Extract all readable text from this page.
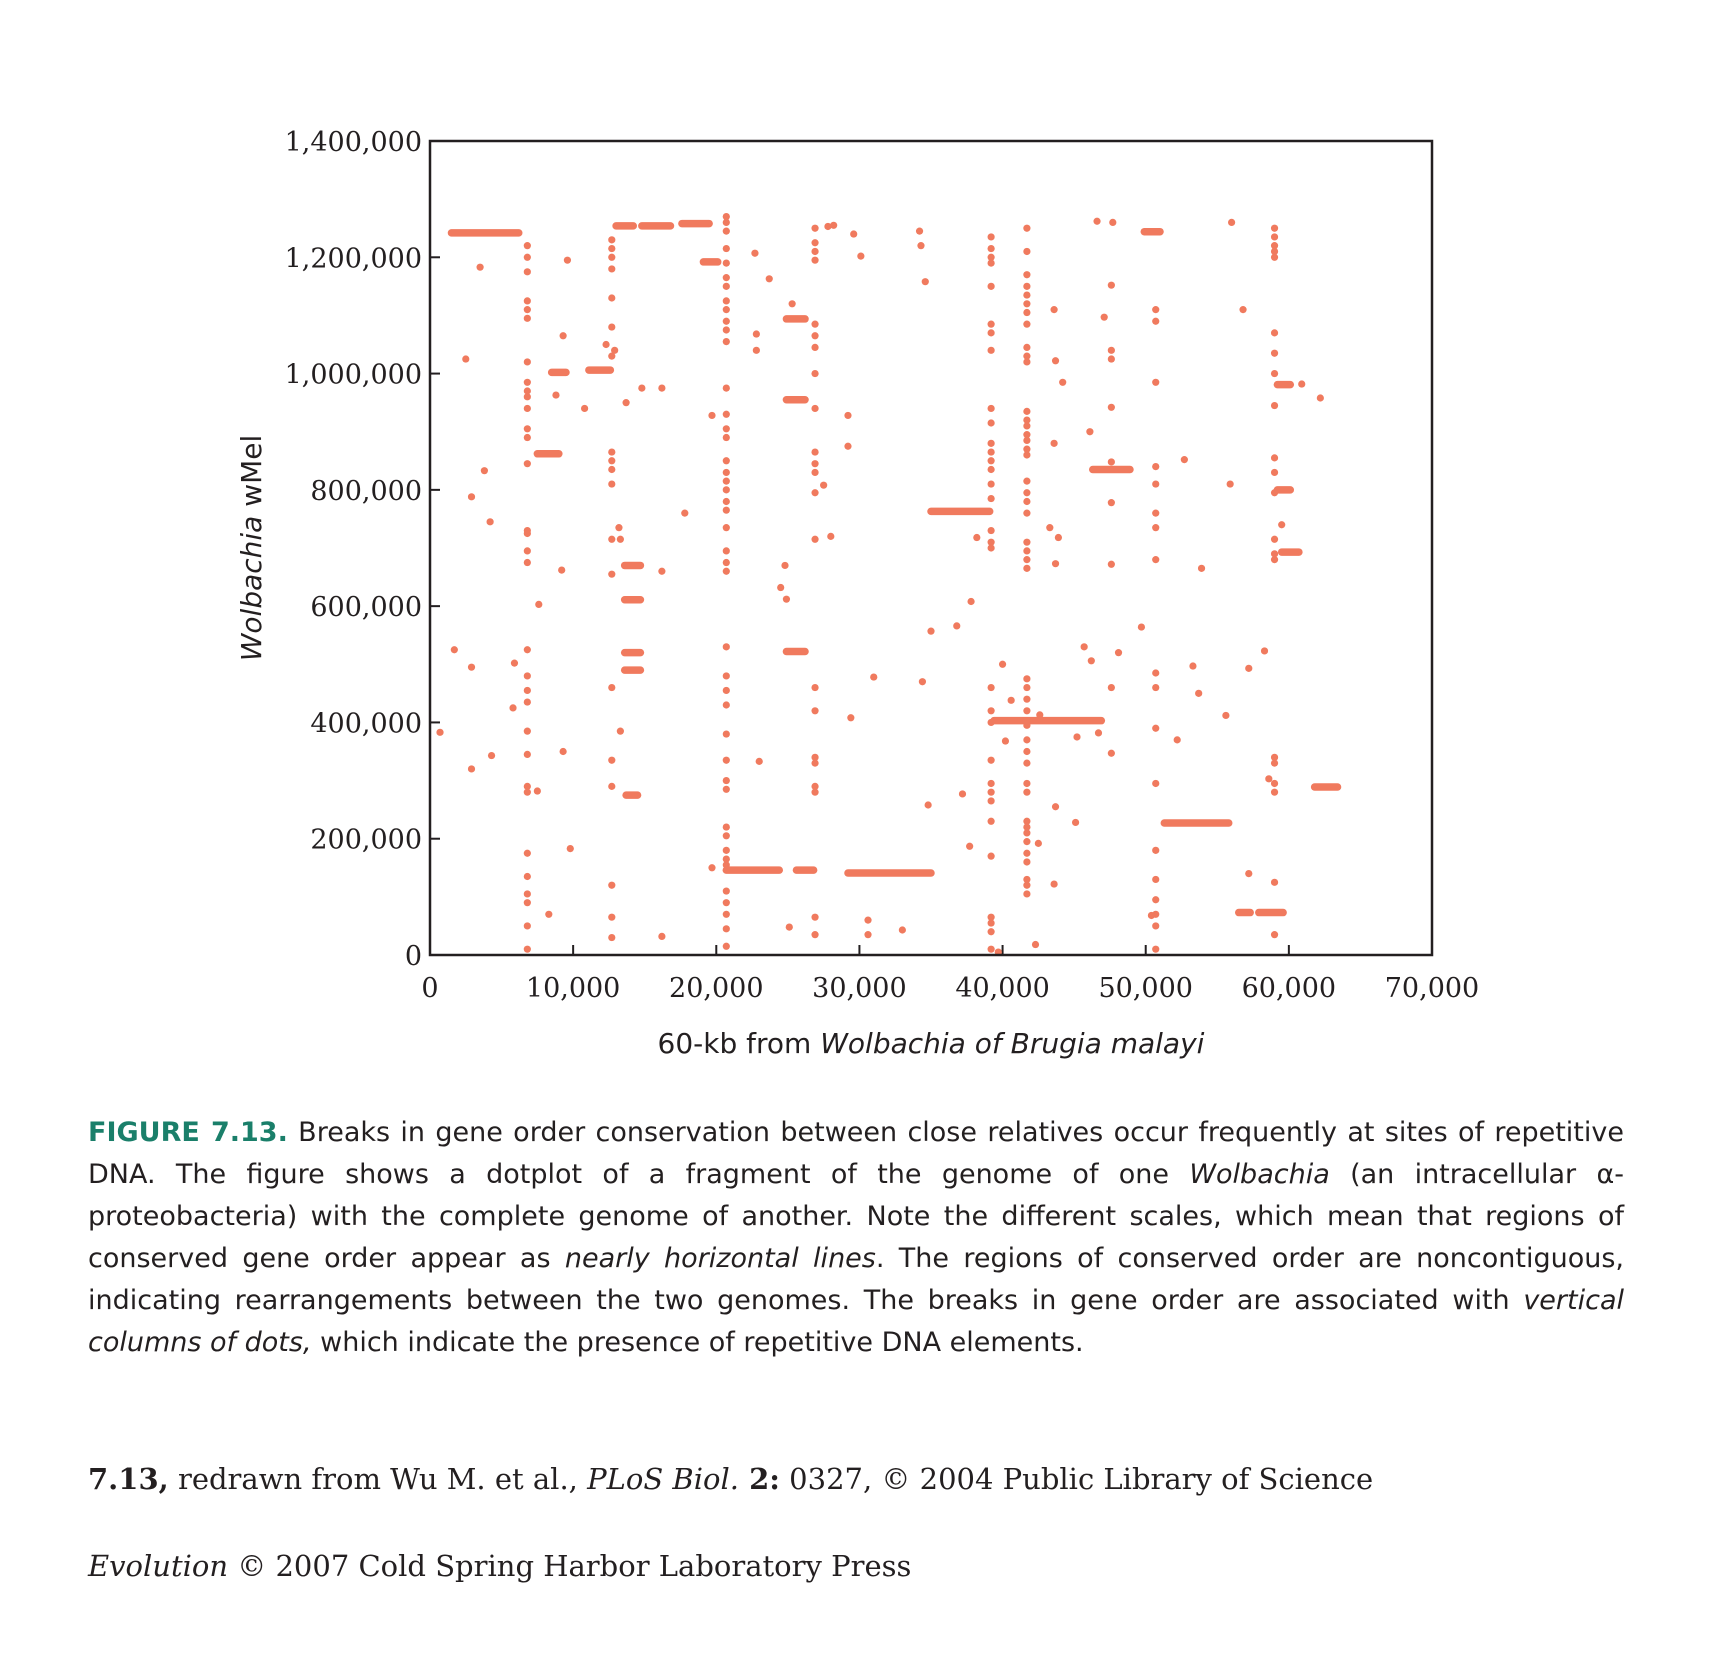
0	10,000 20,000 30,000 40,000 50,000 60,000 70,000
0
200,000
400,000
600,000
800,000
1,000,000
1,200,000
1,400,000
60-kb from Wolbachia of Brugia malayi
Wolbachia wMel

FIGURE 7.13. Breaks in gene order conservation between close relatives occur frequently at sites of repetitive DNA. The figure shows a dotplot of a fragment of the genome of one Wolbachia (an intracellular α-proteobacteria) with the complete genome of another. Note the different scales, which mean that regions of conserved gene order appear as nearly horizontal lines. The regions of conserved order are noncontiguous, indicating rearrangements between the two genomes. The breaks in gene order are associated with vertical columns of dots, which indicate the presence of repetitive DNA elements.

7.13, redrawn from Wu M. et al., PLoS Biol. 2: 0327, © 2004 Public Library of Science

Evolution © 2007 Cold Spring Harbor Laboratory Press
